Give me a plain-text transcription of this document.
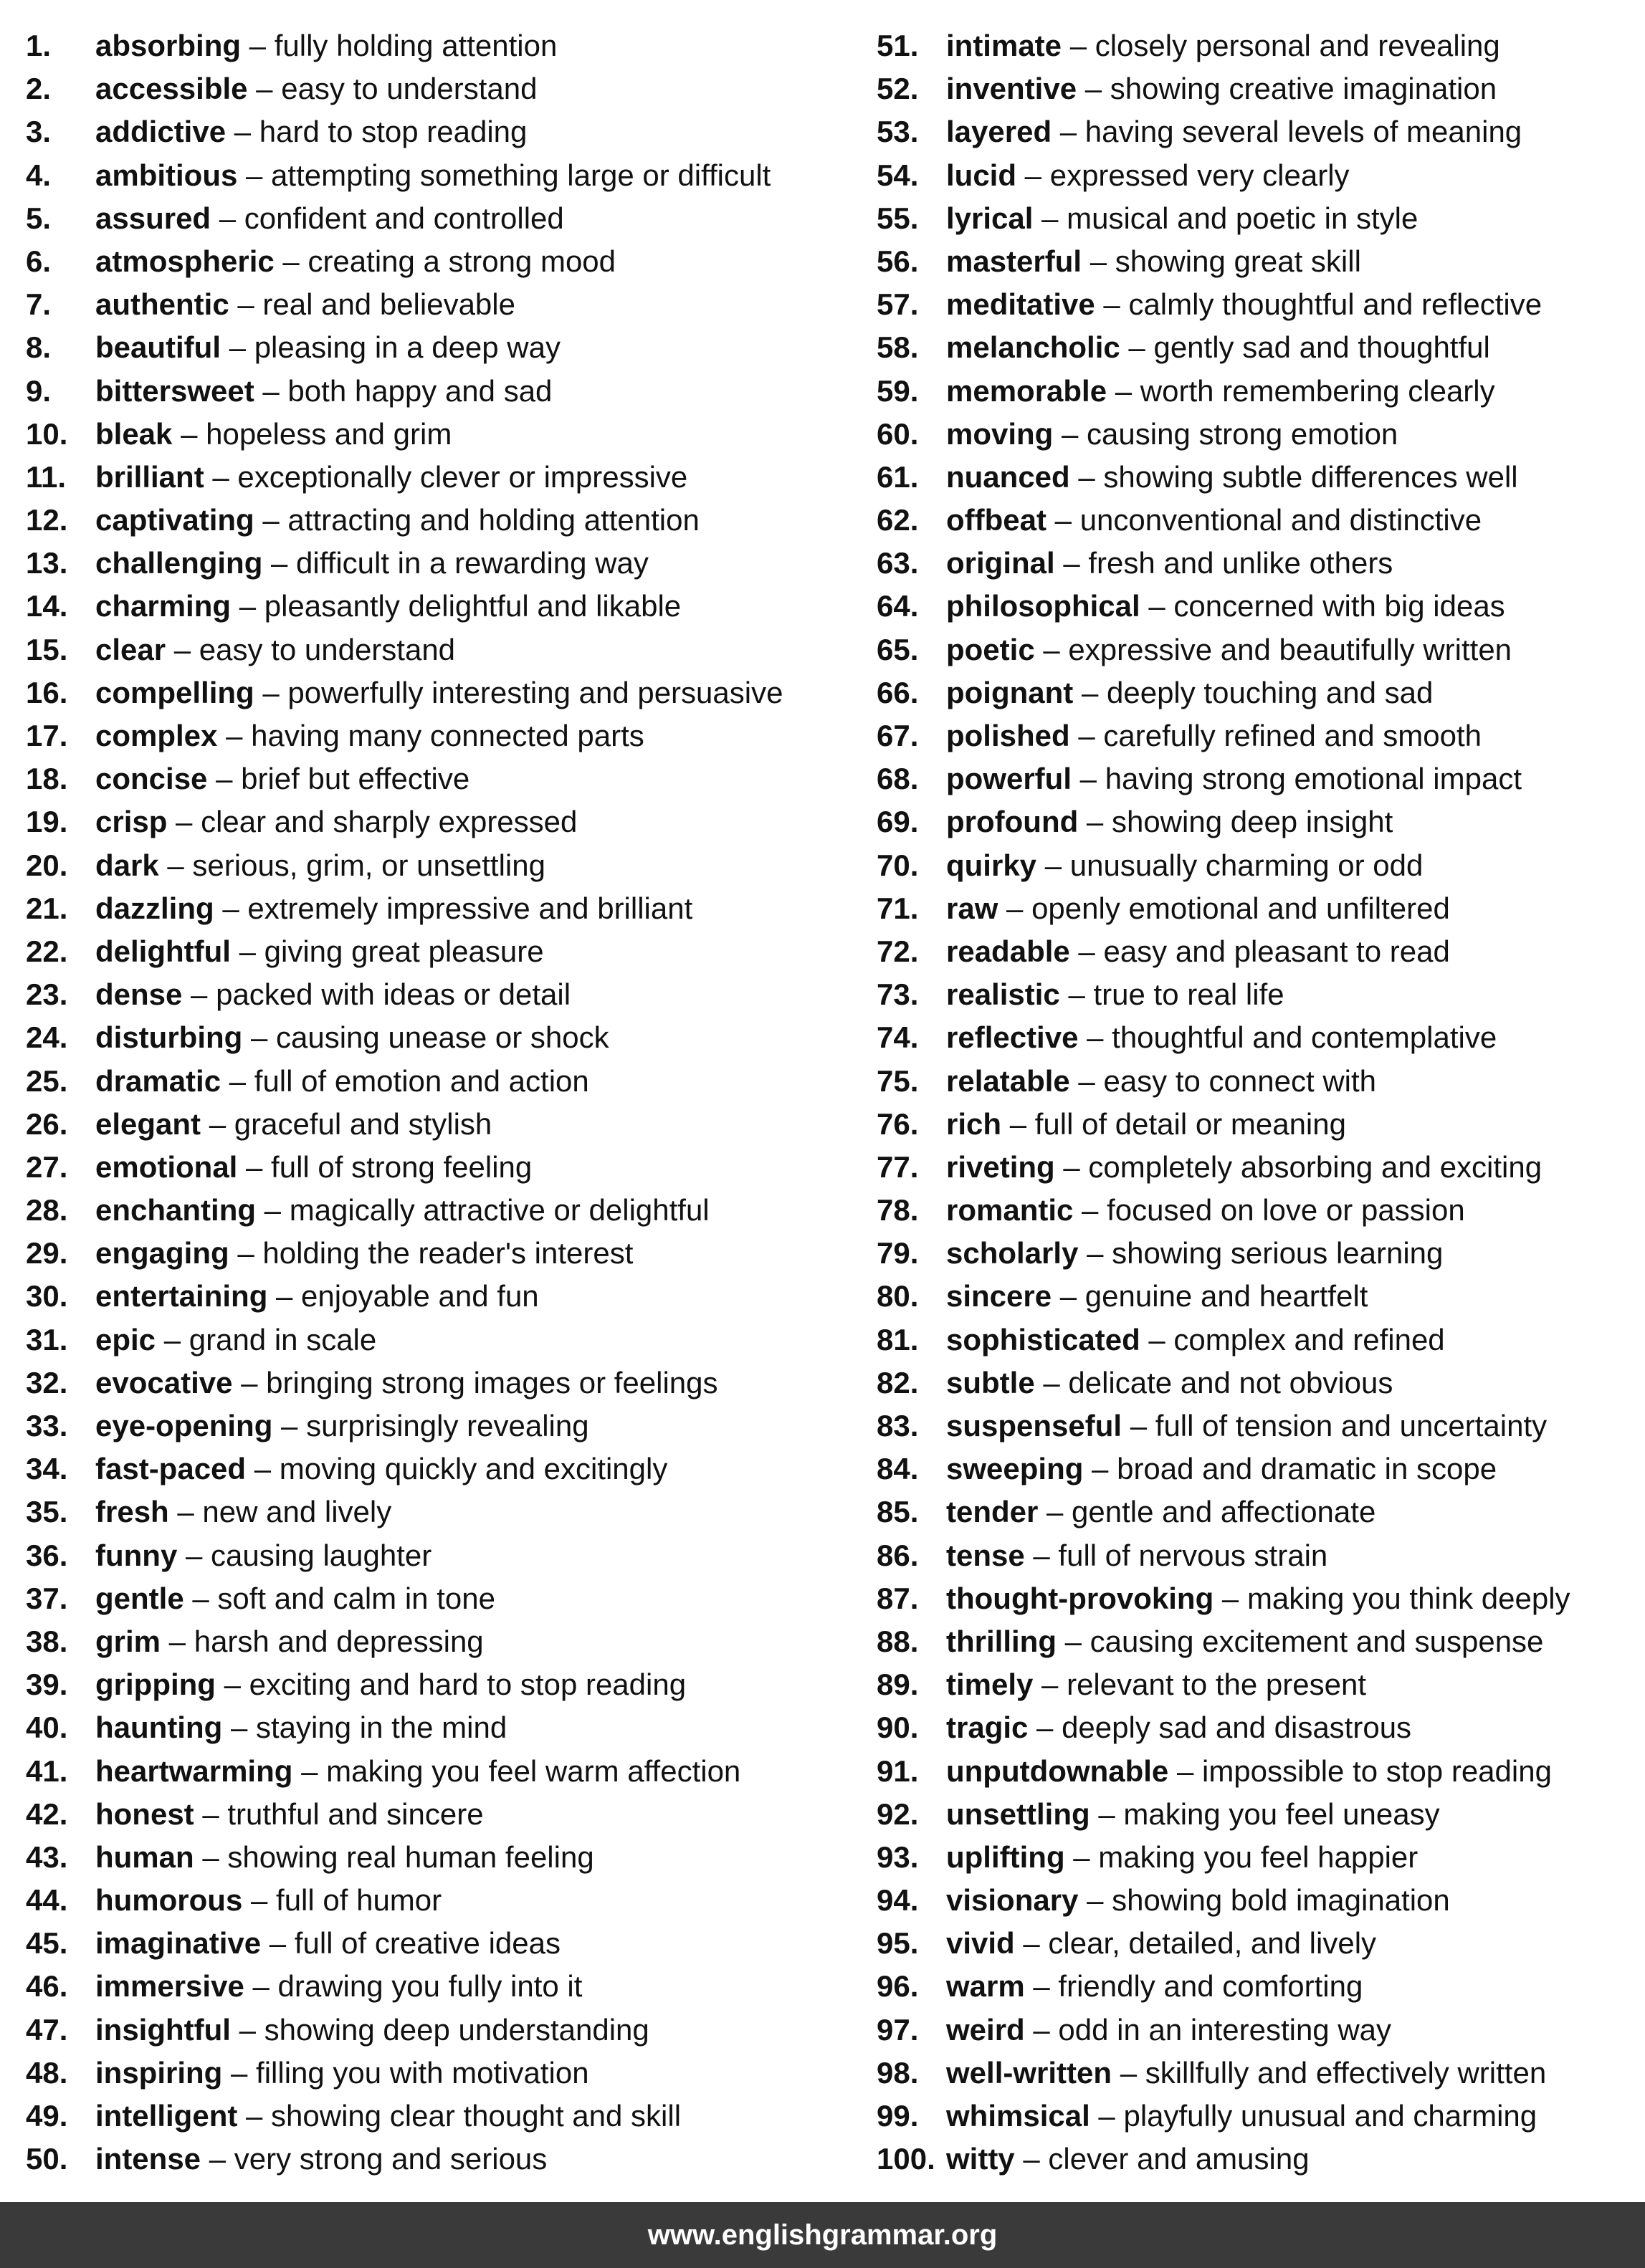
1. absorbing – fully holding attention
2. accessible – easy to understand
3. addictive – hard to stop reading
4. ambitious – attempting something large or difficult
5. assured – confident and controlled
6. atmospheric – creating a strong mood
7. authentic – real and believable
8. beautiful – pleasing in a deep way
9. bittersweet – both happy and sad
10. bleak – hopeless and grim
11. brilliant – exceptionally clever or impressive
12. captivating – attracting and holding attention
13. challenging – difficult in a rewarding way
14. charming – pleasantly delightful and likable
15. clear – easy to understand
16. compelling – powerfully interesting and persuasive
17. complex – having many connected parts
18. concise – brief but effective
19. crisp – clear and sharply expressed
20. dark – serious, grim, or unsettling
21. dazzling – extremely impressive and brilliant
22. delightful – giving great pleasure
23. dense – packed with ideas or detail
24. disturbing – causing unease or shock
25. dramatic – full of emotion and action
26. elegant – graceful and stylish
27. emotional – full of strong feeling
28. enchanting – magically attractive or delightful
29. engaging – holding the reader's interest
30. entertaining – enjoyable and fun
31. epic – grand in scale
32. evocative – bringing strong images or feelings
33. eye-opening – surprisingly revealing
34. fast-paced – moving quickly and excitingly
35. fresh – new and lively
36. funny – causing laughter
37. gentle – soft and calm in tone
38. grim – harsh and depressing
39. gripping – exciting and hard to stop reading
40. haunting – staying in the mind
41. heartwarming – making you feel warm affection
42. honest – truthful and sincere
43. human – showing real human feeling
44. humorous – full of humor
45. imaginative – full of creative ideas
46. immersive – drawing you fully into it
47. insightful – showing deep understanding
48. inspiring – filling you with motivation
49. intelligent – showing clear thought and skill
50. intense – very strong and serious
51. intimate – closely personal and revealing
52. inventive – showing creative imagination
53. layered – having several levels of meaning
54. lucid – expressed very clearly
55. lyrical – musical and poetic in style
56. masterful – showing great skill
57. meditative – calmly thoughtful and reflective
58. melancholic – gently sad and thoughtful
59. memorable – worth remembering clearly
60. moving – causing strong emotion
61. nuanced – showing subtle differences well
62. offbeat – unconventional and distinctive
63. original – fresh and unlike others
64. philosophical – concerned with big ideas
65. poetic – expressive and beautifully written
66. poignant – deeply touching and sad
67. polished – carefully refined and smooth
68. powerful – having strong emotional impact
69. profound – showing deep insight
70. quirky – unusually charming or odd
71. raw – openly emotional and unfiltered
72. readable – easy and pleasant to read
73. realistic – true to real life
74. reflective – thoughtful and contemplative
75. relatable – easy to connect with
76. rich – full of detail or meaning
77. riveting – completely absorbing and exciting
78. romantic – focused on love or passion
79. scholarly – showing serious learning
80. sincere – genuine and heartfelt
81. sophisticated – complex and refined
82. subtle – delicate and not obvious
83. suspenseful – full of tension and uncertainty
84. sweeping – broad and dramatic in scope
85. tender – gentle and affectionate
86. tense – full of nervous strain
87. thought-provoking – making you think deeply
88. thrilling – causing excitement and suspense
89. timely – relevant to the present
90. tragic – deeply sad and disastrous
91. unputdownable – impossible to stop reading
92. unsettling – making you feel uneasy
93. uplifting – making you feel happier
94. visionary – showing bold imagination
95. vivid – clear, detailed, and lively
96. warm – friendly and comforting
97. weird – odd in an interesting way
98. well-written – skillfully and effectively written
99. whimsical – playfully unusual and charming
100. witty – clever and amusing
www.englishgrammar.org
